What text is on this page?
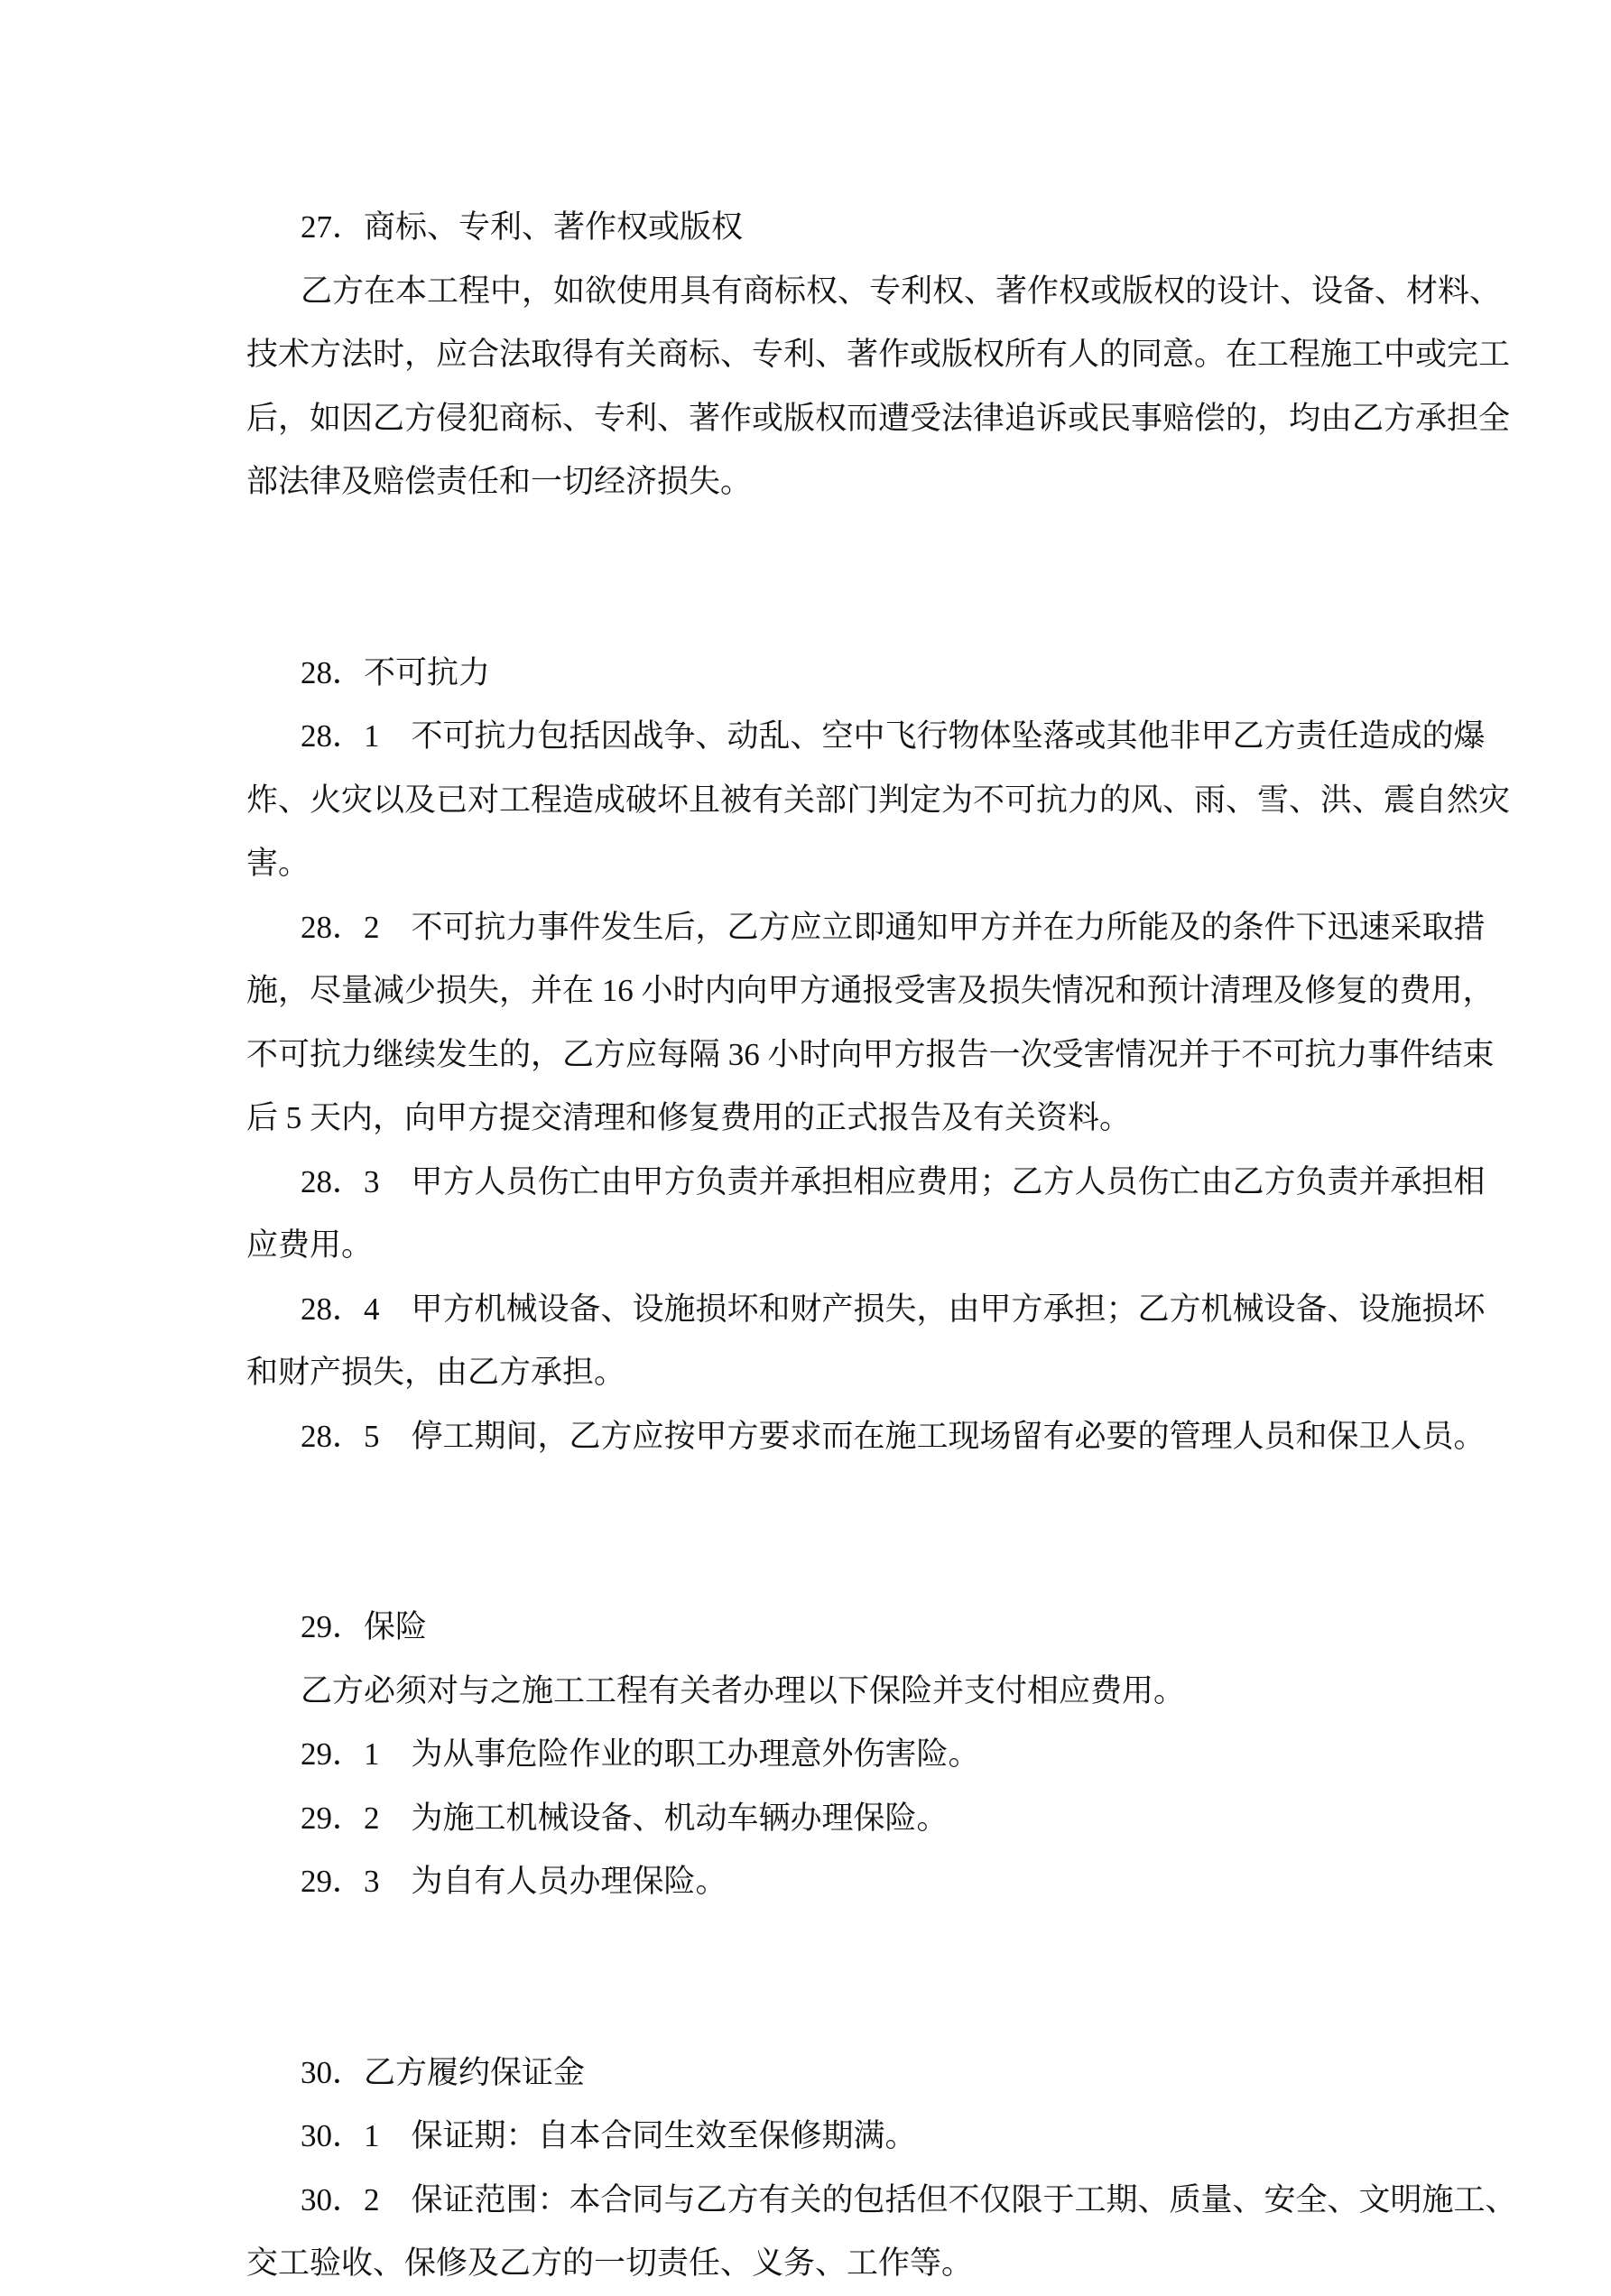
27．商标、专利、著作权或版权
乙方在本工程中，如欲使用具有商标权、专利权、著作权或版权的设计、设备、材料、
技术方法时，应合法取得有关商标、专利、著作或版权所有人的同意。在工程施工中或完工
后，如因乙方侵犯商标、专利、著作或版权而遭受法律追诉或民事赔偿的，均由乙方承担全
部法律及赔偿责任和一切经济损失。
28．不可抗力
28．1　不可抗力包括因战争、动乱、空中飞行物体坠落或其他非甲乙方责任造成的爆
炸、火灾以及已对工程造成破坏且被有关部门判定为不可抗力的风、雨、雪、洪、震自然灾
害。
28．2　不可抗力事件发生后，乙方应立即通知甲方并在力所能及的条件下迅速采取措
施，尽量减少损失，并在 16 小时内向甲方通报受害及损失情况和预计清理及修复的费用，
不可抗力继续发生的，乙方应每隔 36 小时向甲方报告一次受害情况并于不可抗力事件结束
后 5 天内，向甲方提交清理和修复费用的正式报告及有关资料。
28．3　甲方人员伤亡由甲方负责并承担相应费用；乙方人员伤亡由乙方负责并承担相
应费用。
28．4　甲方机械设备、设施损坏和财产损失，由甲方承担；乙方机械设备、设施损坏
和财产损失，由乙方承担。
28．5　停工期间，乙方应按甲方要求而在施工现场留有必要的管理人员和保卫人员。
29．保险
乙方必须对与之施工工程有关者办理以下保险并支付相应费用。
29．1　为从事危险作业的职工办理意外伤害险。
29．2　为施工机械设备、机动车辆办理保险。
29．3　为自有人员办理保险。
30．乙方履约保证金
30．1　保证期：自本合同生效至保修期满。
30．2　保证范围：本合同与乙方有关的包括但不仅限于工期、质量、安全、文明施工、
交工验收、保修及乙方的一切责任、义务、工作等。
